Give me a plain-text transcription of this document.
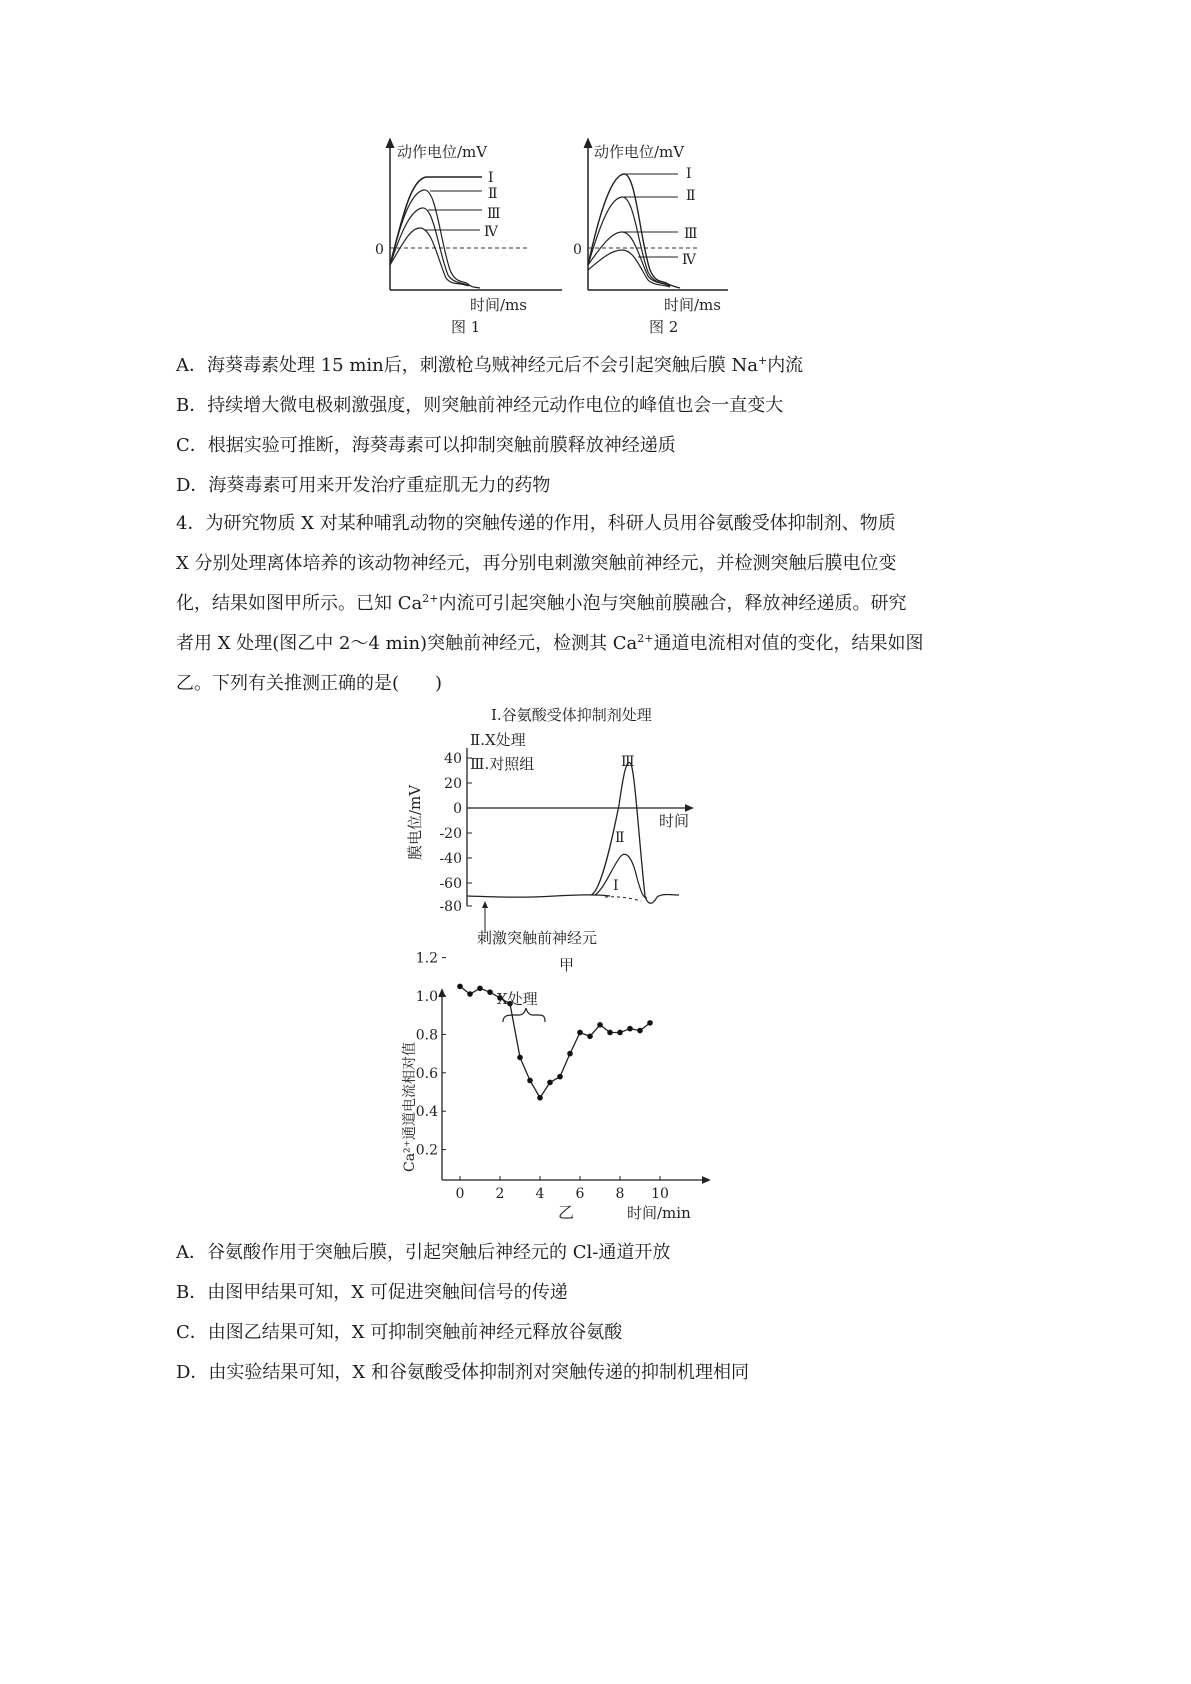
动作电位/mV
0
Ⅰ
Ⅱ
Ⅲ
Ⅳ
时间/ms
图 1
动作电位/mV
0
Ⅰ
Ⅱ
Ⅲ
Ⅳ
时间/ms
图 2
A．海葵毒素处理 15 min后，刺激枪乌贼神经元后不会引起突触后膜 Na+内流
B．持续增大微电极刺激强度，则突触前神经元动作电位的峰值也会一直变大
C．根据实验可推断，海葵毒素可以抑制突触前膜释放神经递质
D．海葵毒素可用来开发治疗重症肌无力的药物
4．为研究物质 X 对某种哺乳动物的突触传递的作用，科研人员用谷氨酸受体抑制剂、物质
X 分别处理离体培养的该动物神经元，再分别电刺激突触前神经元，并检测突触后膜电位变
化，结果如图甲所示。已知 $Ca^{2+}$内流可引起突触小泡与突触前膜融合，释放神经递质。研究
者用 X 处理(图乙中 2～4 min)突触前神经元，检测其 $Ca^{2+}$通道电流相对值的变化，结果如图
乙。下列有关推测正确的是(　　)
Ⅰ.谷氨酸受体抑制剂处理
Ⅱ.X处理
Ⅲ.对照组
40
20
0
-20
-40
-60
-80
膜电位/mV	时间
Ⅲ
Ⅱ
Ⅰ
刺激突触前神经元
甲
0 2 4 6 8 10
0.2
0.4
0.6
0.8
1.0
1.2
Ca²⁺通道电流相对值
X处理
乙	时间/min
A．谷氨酸作用于突触后膜，引起突触后神经元的 Cl-通道开放
B．由图甲结果可知，X 可促进突触间信号的传递
C．由图乙结果可知，X 可抑制突触前神经元释放谷氨酸
D．由实验结果可知，X 和谷氨酸受体抑制剂对突触传递的抑制机理相同
